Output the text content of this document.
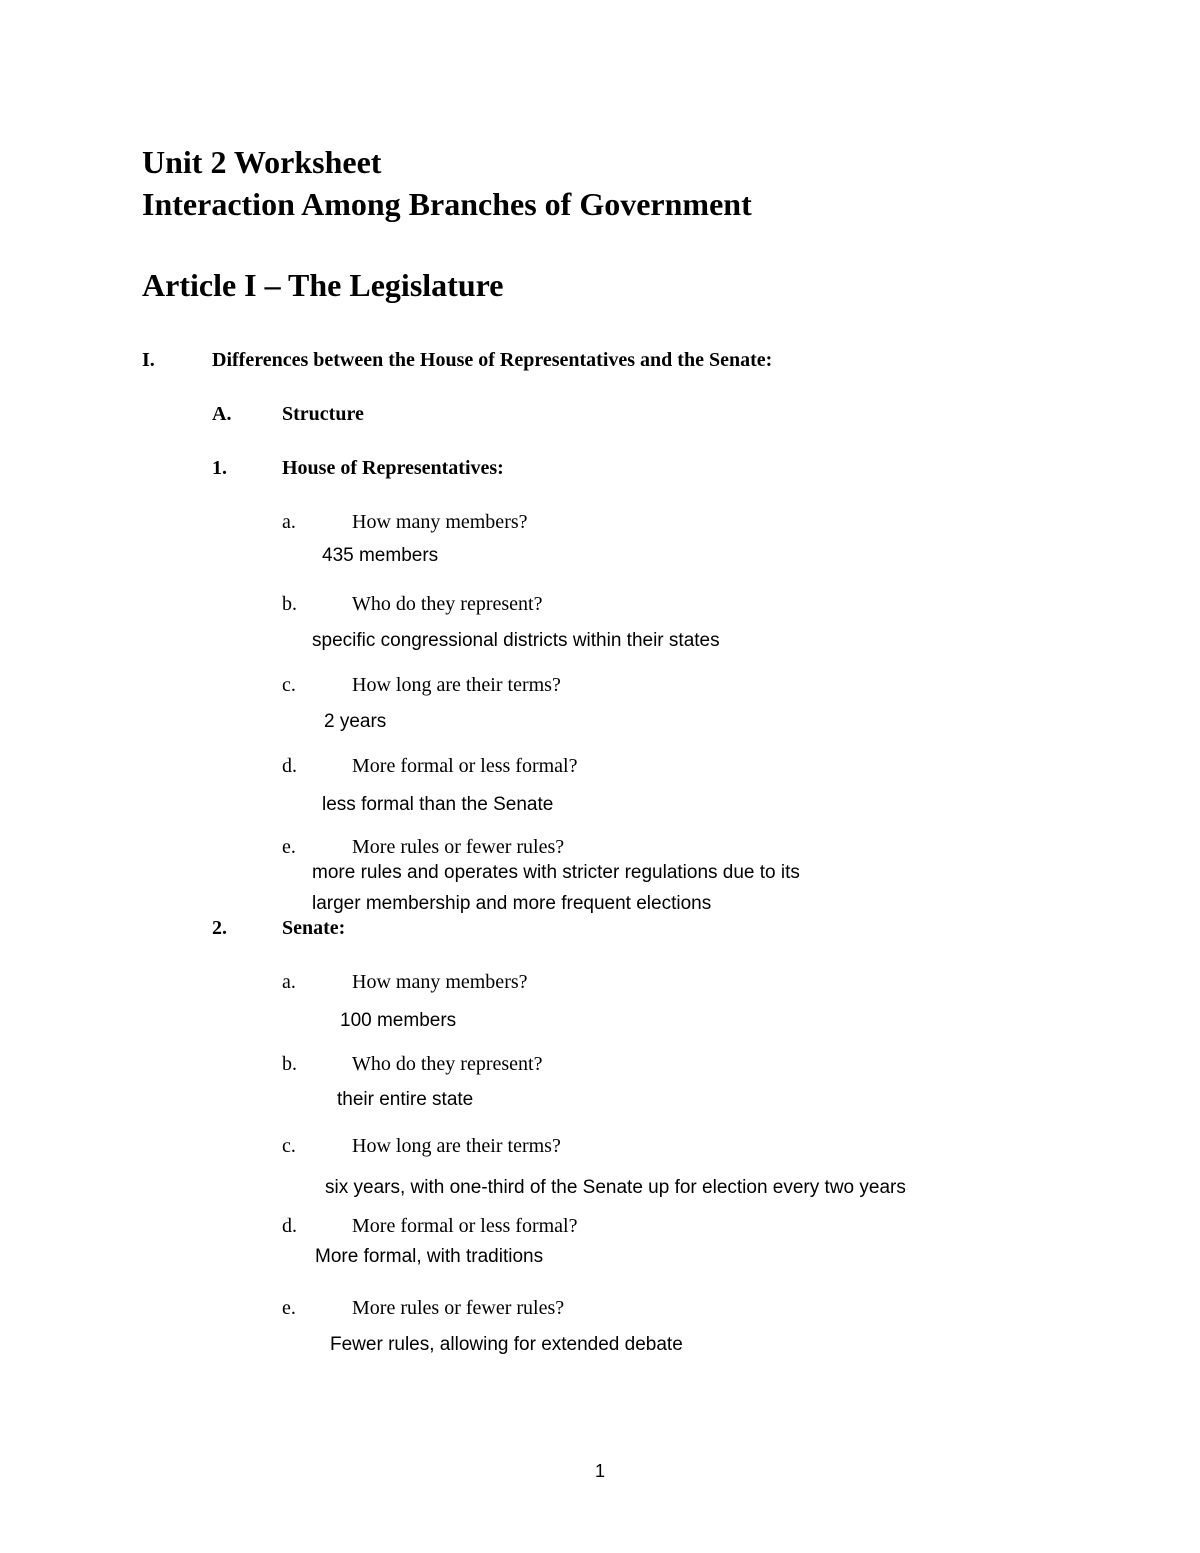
Unit 2 Worksheet
Interaction Among Branches of Government
Article I – The Legislature
I.	Differences between the House of Representatives and the Senate:
A.	Structure
1.	House of Representatives:
a.	How many members?
435 members
b.	Who do they represent?
specific congressional districts within their states
c.	How long are their terms?
2 years
d.	More formal or less formal?
less formal than the Senate
e.	More rules or fewer rules?
more rules and operates with stricter regulations due to its
larger membership and more frequent elections
2.	Senate:
a.	How many members?
100 members
b.	Who do they represent?
their entire state
c.	How long are their terms?
six years, with one-third of the Senate up for election every two years
d.	More formal or less formal?
More formal, with traditions
e.	More rules or fewer rules?
Fewer rules, allowing for extended debate
1
